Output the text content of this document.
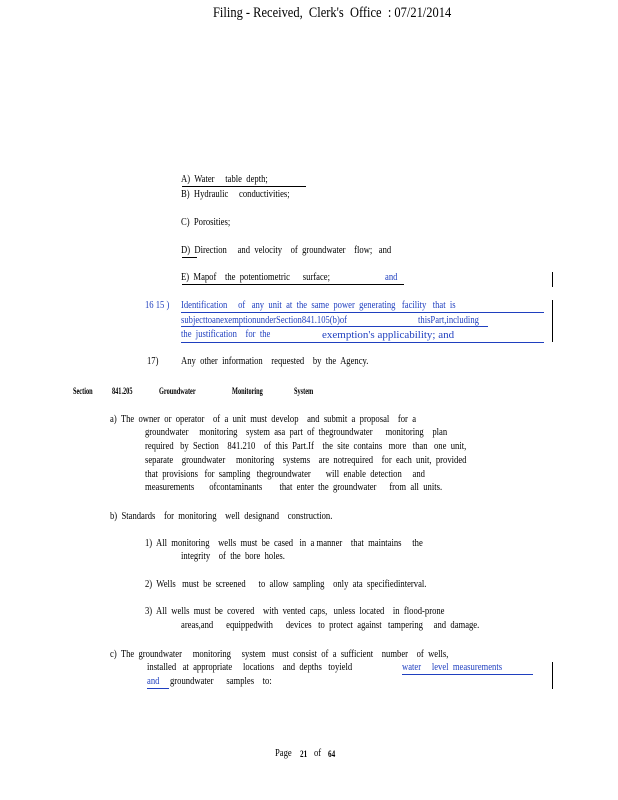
Filing - Received,  Clerk's  Office  : 07/21/2014
A)  Water     table  depth;
B)  Hydraulic     conductivities;
C)  Porosities;
D)  Direction     and  velocity    of  groundwater    flow;   and
E)  Mapof    the  potentiometric      surface;	and
16 15 ) Identification     of   any  unit  at  the  same  power  generating   facility   that  is
subjecttoanexemptionunderSection841.105(b)of	thisPart,including
the  justification    for  the	exemption's applicability; and
17) Any  other  information    requested    by  the  Agency.
Section 841.205	Groundwater	Monitoring	System
a)  The  owner  or  operator    of  a  unit  must  develop    and  submit  a  proposal    for  a
groundwater     monitoring    system  asa  part  of  thegroundwater      monitoring    plan
required   by  Section    841.210    of  this  Part.If    the  site  contains   more   than   one  unit,
separate    groundwater     monitoring    systems    are  notrequired    for  each  unit,  provided
that  provisions   for  sampling   thegroundwater       will  enable  detection     and
measurements       ofcontaminants        that  enter  the  groundwater      from  all  units.
b)  Standards    for  monitoring    well  designand    construction.
1)  All  monitoring    wells  must  be  cased   in  a manner    that  maintains     the
integrity    of  the  bore  holes.
2)  Wells   must  be  screened      to  allow  sampling    only  ata  specifiedinterval.
3)  All  wells  must  be  covered    with  vented  caps,   unless  located    in  flood-prone
areas,and      equippedwith      devices   to  protect  against   tampering     and  damage.
c)  The  groundwater     monitoring     system   must  consist  of  a  sufficient    number    of  wells,
installed   at  appropriate     locations    and  depths   toyield	water     level  measurements
and groundwater      samples    to:
Page 21 of 64
